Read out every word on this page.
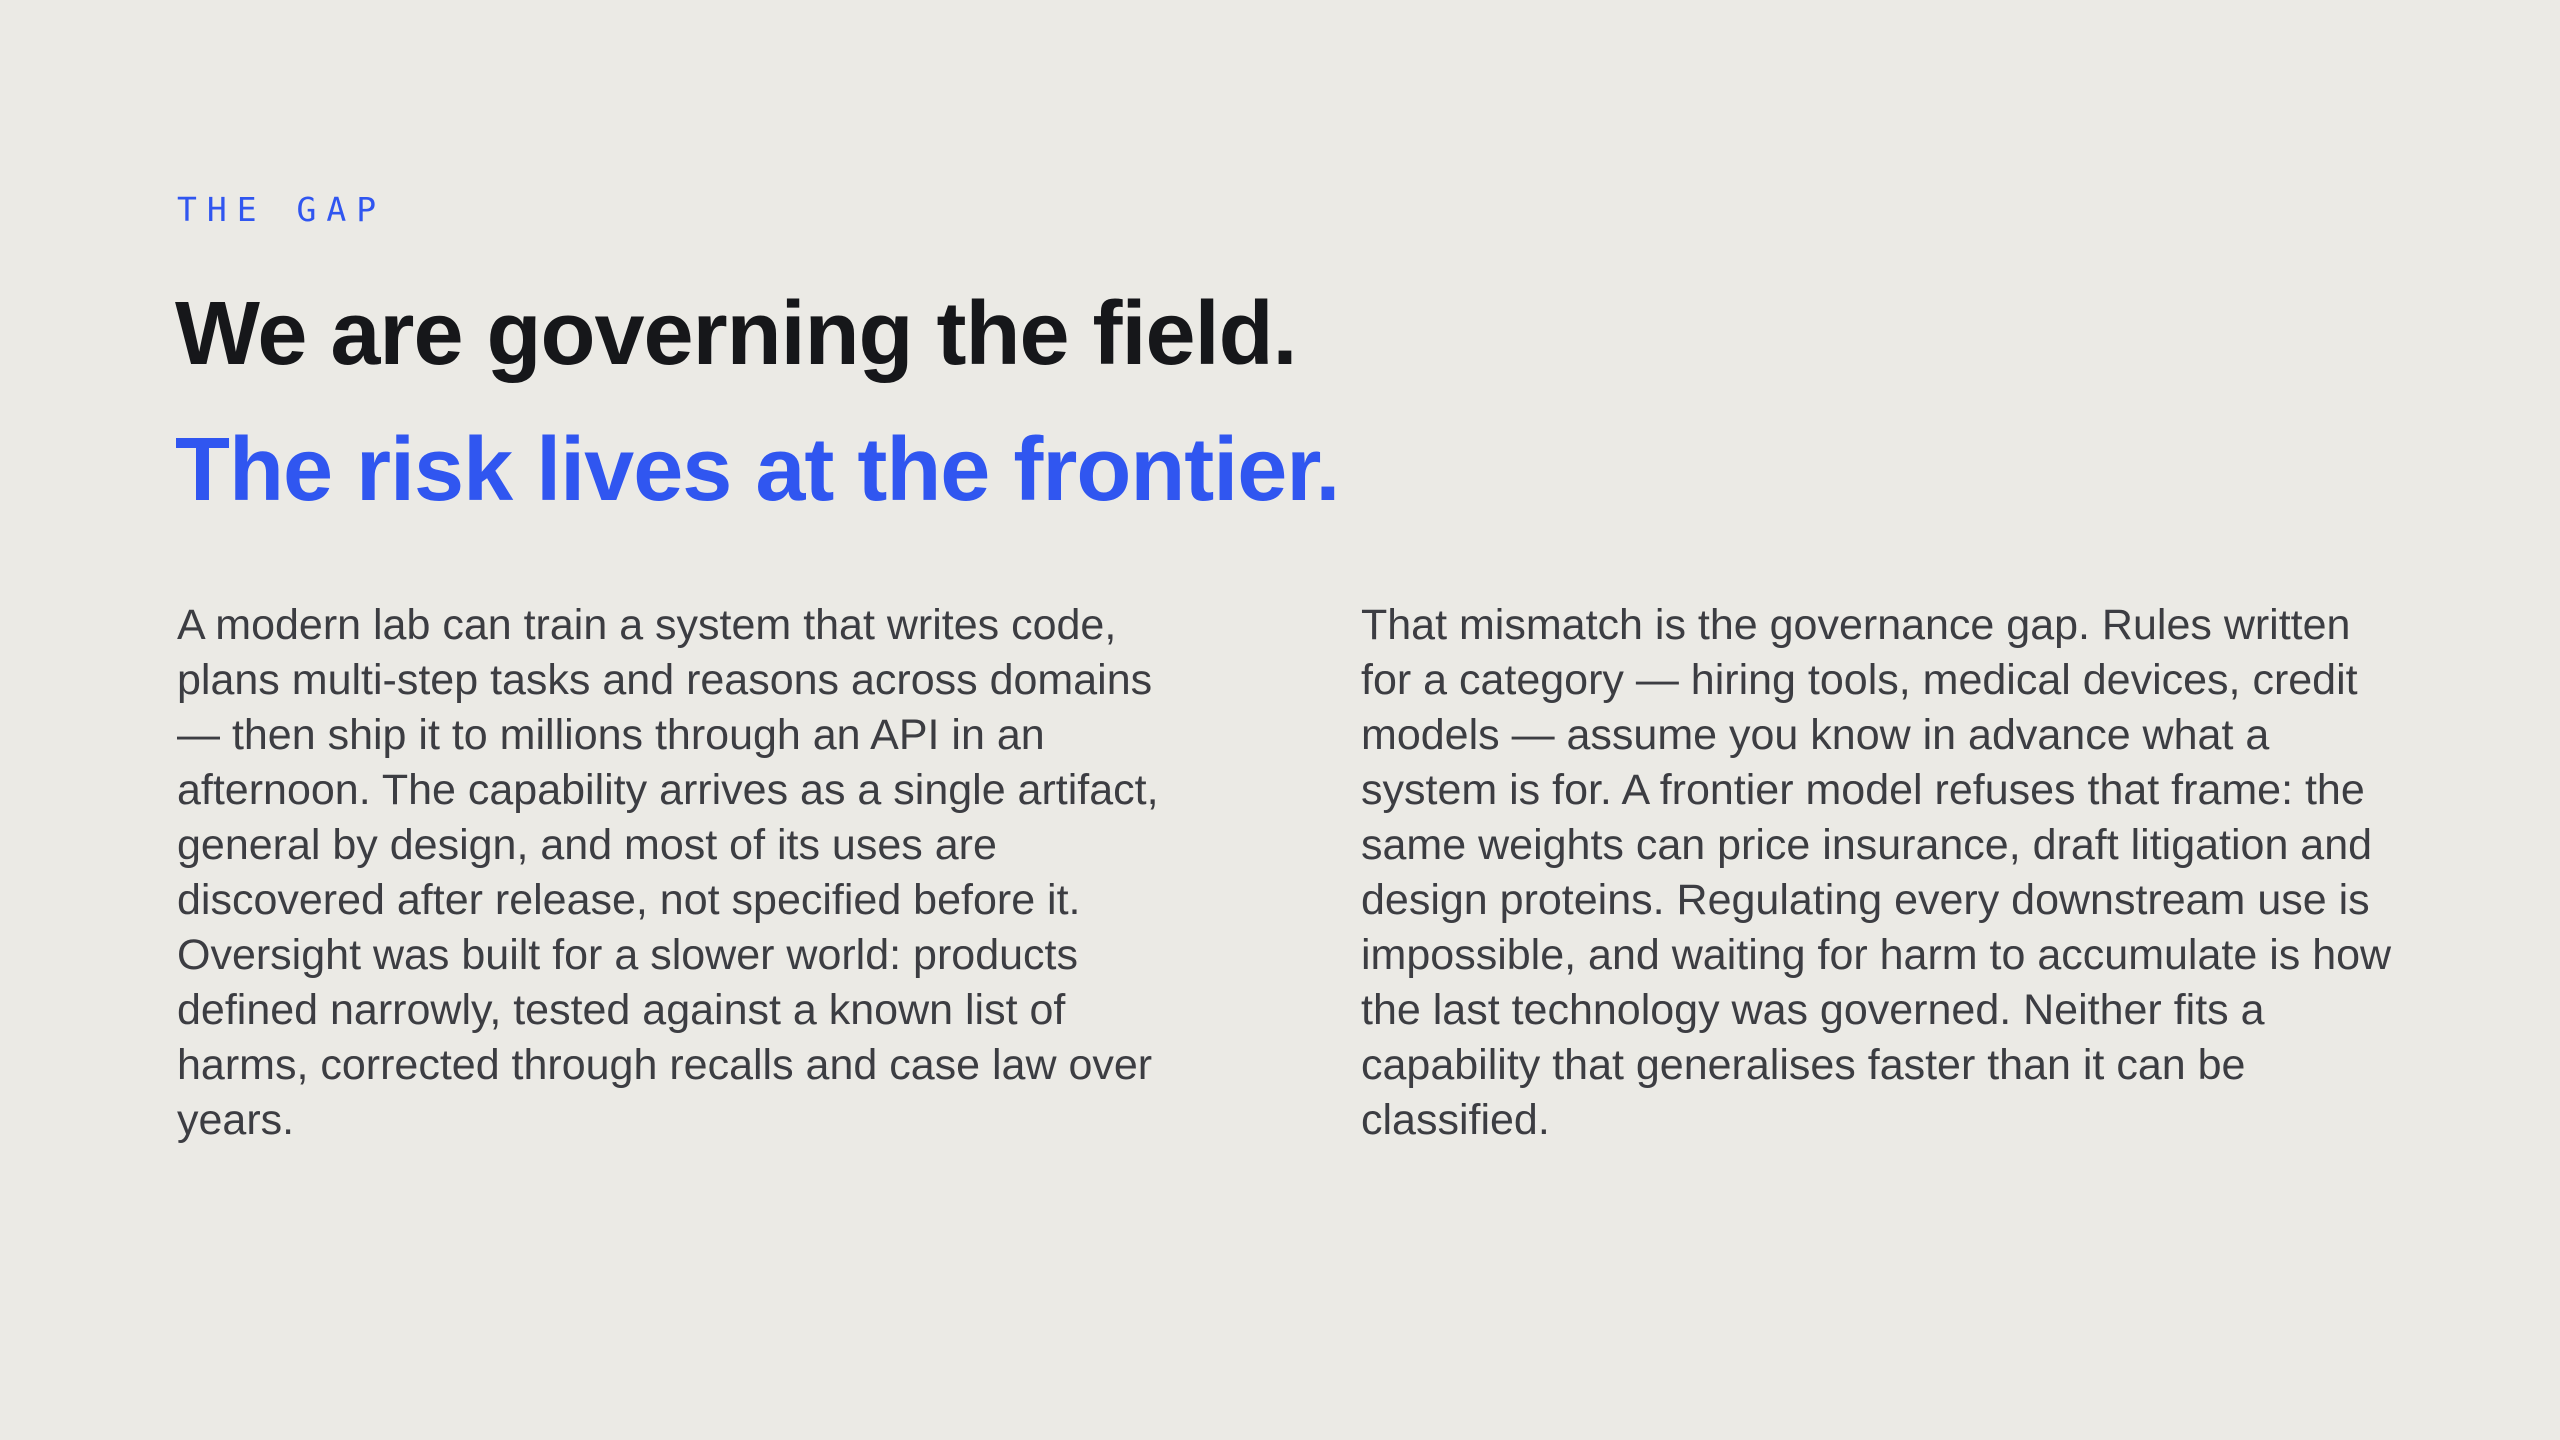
THE GAP

We are governing the field.
The risk lives at the frontier.

A modern lab can train a system that writes code, plans multi-step tasks and reasons across domains — then ship it to millions through an API in an afternoon. The capability arrives as a single artifact, general by design, and most of its uses are discovered after release, not specified before it. Oversight was built for a slower world: products defined narrowly, tested against a known list of harms, corrected through recalls and case law over years.

That mismatch is the governance gap. Rules written for a category — hiring tools, medical devices, credit models — assume you know in advance what a system is for. A frontier model refuses that frame: the same weights can price insurance, draft litigation and design proteins. Regulating every downstream use is impossible, and waiting for harm to accumulate is how the last technology was governed. Neither fits a capability that generalises faster than it can be classified.
